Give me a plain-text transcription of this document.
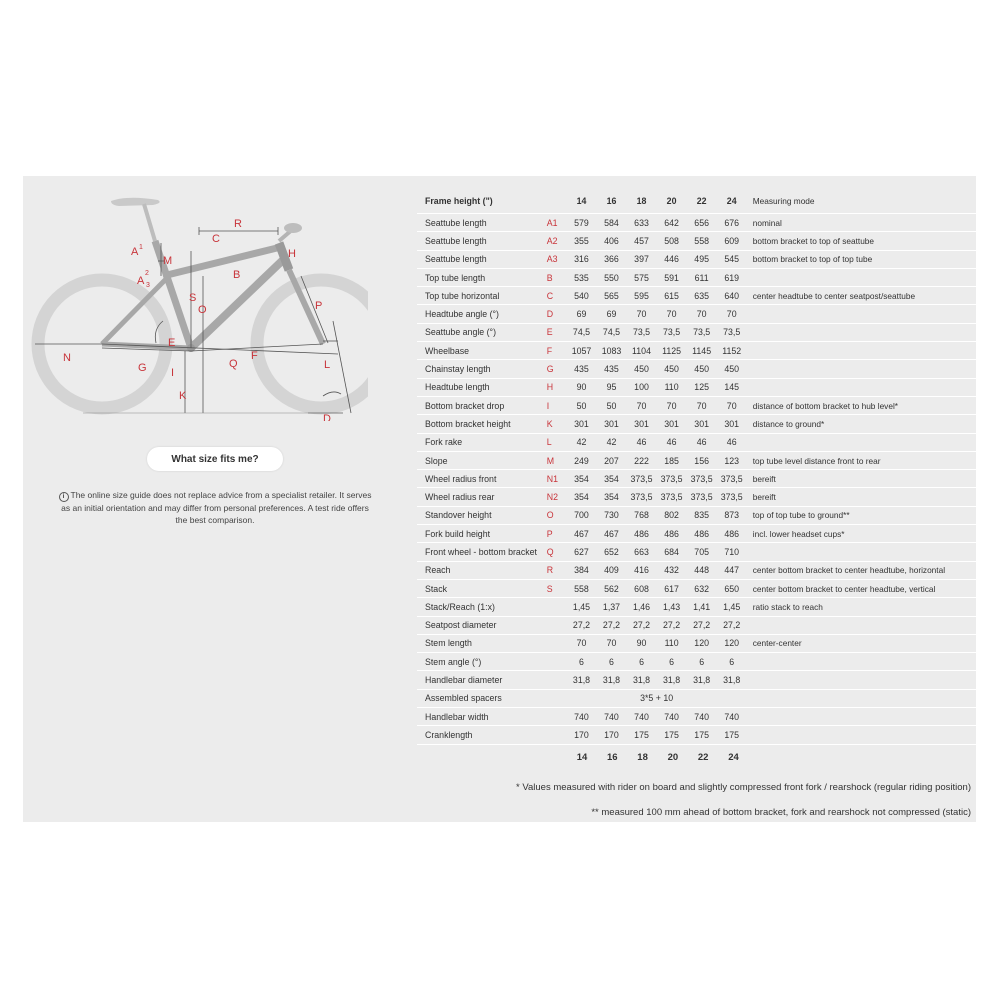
A 1
M
A
2
3
C
R
H
B
S
O	P
E
N
G I
Q
F
L
K
D
What size fits me?
i The online size guide does not replace advice from a specialist retailer. It serves as an initial orientation and may differ from personal preferences. A test ride offers the best comparison.
Frame height (")		14	16	18	20	22	24	Measuring mode
Seattube length	A1	579	584	633	642	656	676	nominal
Seattube length	A2	355	406	457	508	558	609	bottom bracket to top of seattube
Seattube length	A3	316	366	397	446	495	545	bottom bracket to top of top tube
Top tube length	B	535	550	575	591	611	619	
Top tube horizontal	C	540	565	595	615	635	640	center headtube to center seatpost/seattube
Headtube angle (°)	D	69	69	70	70	70	70	
Seattube angle (°)	E	74,5	74,5	73,5	73,5	73,5	73,5	
Wheelbase	F	1057	1083	1104	1125	1145	1152	
Chainstay length	G	435	435	450	450	450	450	
Headtube length	H	90	95	100	110	125	145	
Bottom bracket drop	I	50	50	70	70	70	70	distance of bottom bracket to hub level*
Bottom bracket height	K	301	301	301	301	301	301	distance to ground*
Fork rake	L	42	42	46	46	46	46	
Slope	M	249	207	222	185	156	123	top tube level distance front to rear
Wheel radius front	N1	354	354	373,5	373,5	373,5	373,5	bereift
Wheel radius rear	N2	354	354	373,5	373,5	373,5	373,5	bereift
Standover height	O	700	730	768	802	835	873	top of top tube to ground**
Fork build height	P	467	467	486	486	486	486	incl. lower headset cups*
Front wheel - bottom bracket	Q	627	652	663	684	705	710	
Reach	R	384	409	416	432	448	447	center bottom bracket to center headtube, horizontal
Stack	S	558	562	608	617	632	650	center bottom bracket to center headtube, vertical
Stack/Reach (1:x)		1,45	1,37	1,46	1,43	1,41	1,45	ratio stack to reach
Seatpost diameter		27,2	27,2	27,2	27,2	27,2	27,2	
Stem length		70	70	90	110	120	120	center-center
Stem angle (°)		6	6	6	6	6	6	
Handlebar diameter		31,8	31,8	31,8	31,8	31,8	31,8	
Assembled spacers		3*5 + 10						
Handlebar width		740	740	740	740	740	740	
Cranklength		170	170	175	175	175	175	
14	16	18	20	22	24
* Values measured with rider on board and slightly compressed front fork / rearshock (regular riding position)
** measured 100 mm ahead of bottom bracket, fork and rearshock not compressed (static)
